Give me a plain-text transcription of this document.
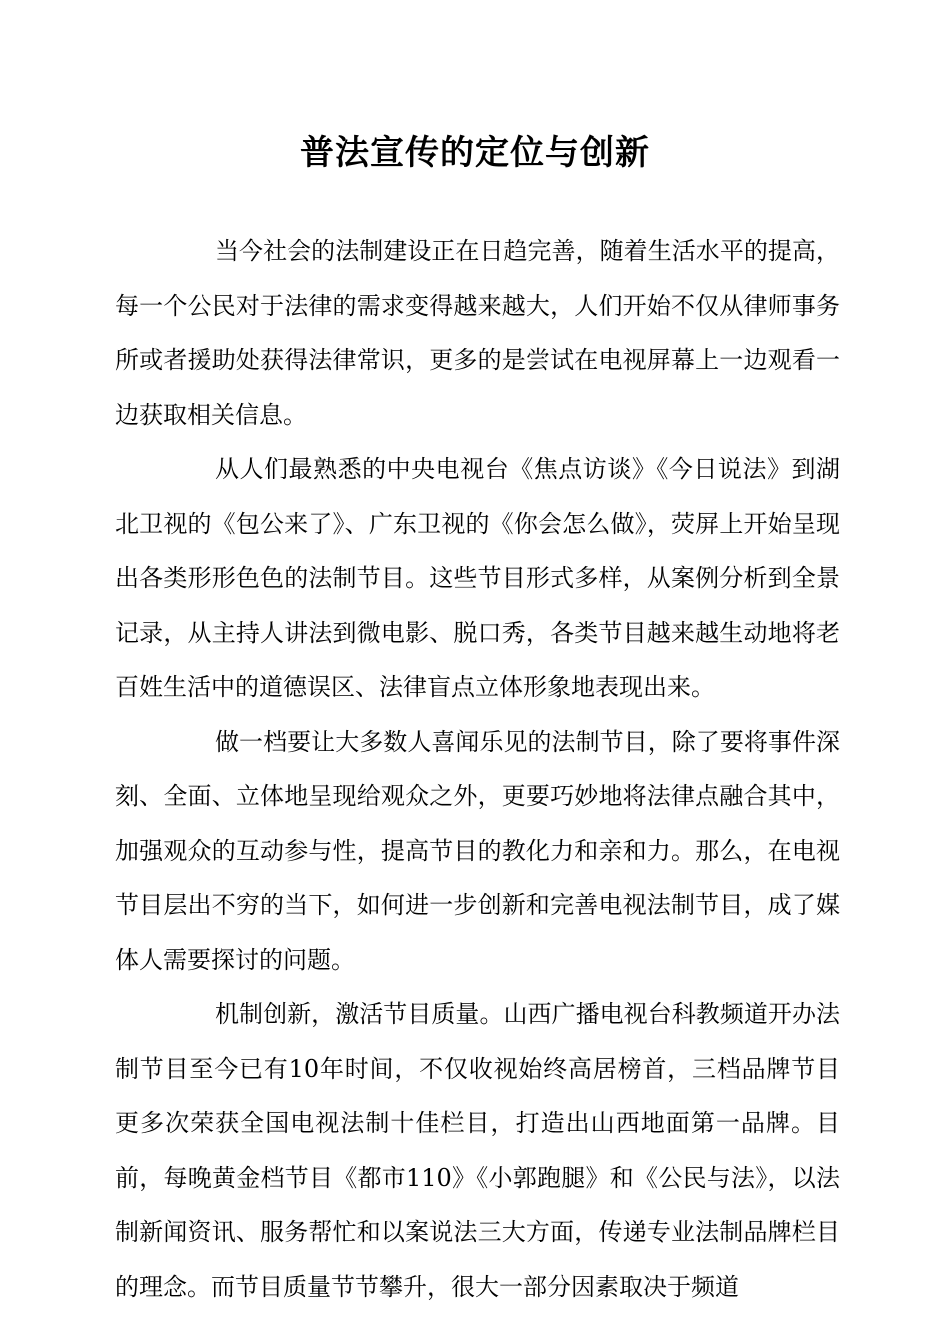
普法宣传的定位与创新

当今社会的法制建设正在日趋完善，随着生活水平的提高，每一个公民对于法律的需求变得越来越大，人们开始不仅从律师事务所或者援助处获得法律常识，更多的是尝试在电视屏幕上一边观看一边获取相关信息。

从人们最熟悉的中央电视台《焦点访谈》《今日说法》到湖北卫视的《包公来了》、广东卫视的《你会怎么做》，荧屏上开始呈现出各类形形色色的法制节目。这些节目形式多样，从案例分析到全景记录，从主持人讲法到微电影、脱口秀，各类节目越来越生动地将老百姓生活中的道德误区、法律盲点立体形象地表现出来。

做一档要让大多数人喜闻乐见的法制节目，除了要将事件深刻、全面、立体地呈现给观众之外，更要巧妙地将法律点融合其中，加强观众的互动参与性，提高节目的教化力和亲和力。那么，在电视节目层出不穷的当下，如何进一步创新和完善电视法制节目，成了媒体人需要探讨的问题。

机制创新，激活节目质量。山西广播电视台科教频道开办法制节目至今已有10年时间，不仅收视始终高居榜首，三档品牌节目更多次荣获全国电视法制十佳栏目，打造出山西地面第一品牌。目前，每晚黄金档节目《都市110》《小郭跑腿》和《公民与法》，以法制新闻资讯、服务帮忙和以案说法三大方面，传递专业法制品牌栏目的理念。而节目质量节节攀升，很大一部分因素取决于频道
